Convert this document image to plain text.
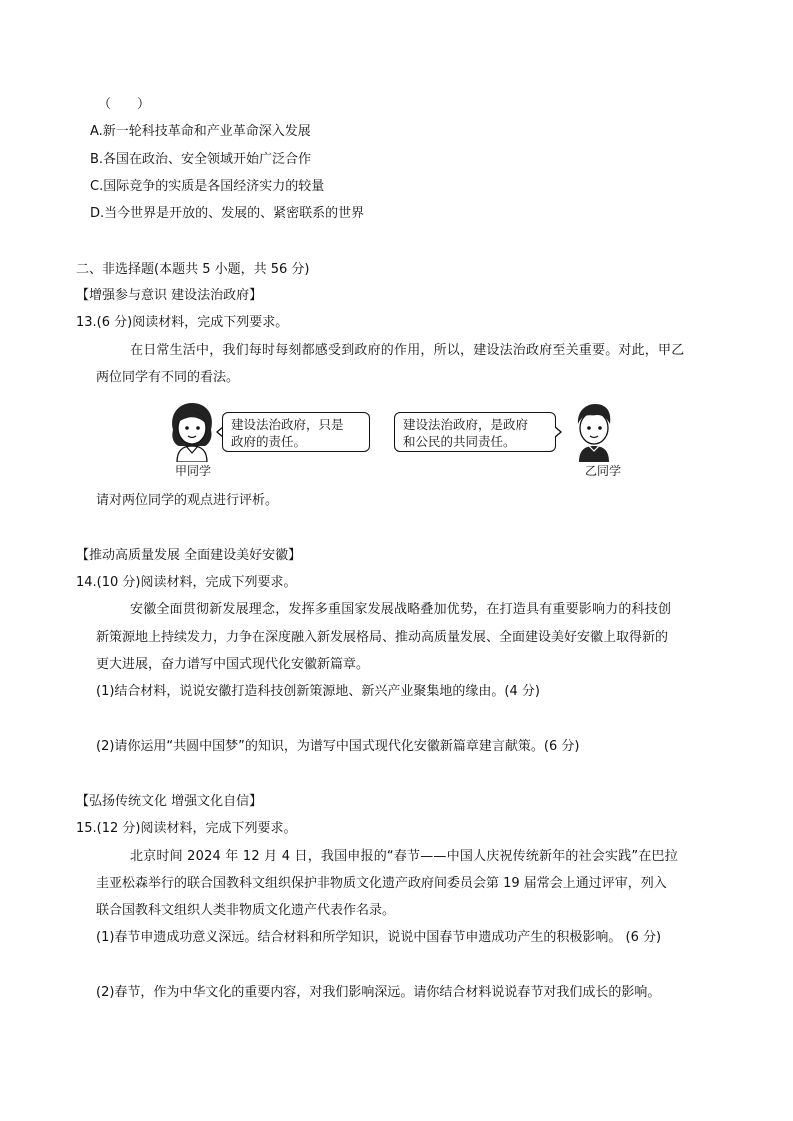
（　　）
A.新一轮科技革命和产业革命深入发展
B.各国在政治、安全领域开始广泛合作
C.国际竞争的实质是各国经济实力的较量
D.当今世界是开放的、发展的、紧密联系的世界
二、非选择题(本题共 5 小题，共 56 分)
【增强参与意识 建设法治政府】
13.(6 分)阅读材料，完成下列要求。
在日常生活中，我们每时每刻都感受到政府的作用，所以，建设法治政府至关重要。对此，甲乙
两位同学有不同的看法。
建设法治政府，只是
政府的责任。
建设法治政府，是政府
和公民的共同责任。
甲同学	乙同学
请对两位同学的观点进行评析。
【推动高质量发展 全面建设美好安徽】
14.(10 分)阅读材料，完成下列要求。
安徽全面贯彻新发展理念，发挥多重国家发展战略叠加优势，在打造具有重要影响力的科技创
新策源地上持续发力，力争在深度融入新发展格局、推动高质量发展、全面建设美好安徽上取得新的
更大进展，奋力谱写中国式现代化安徽新篇章。
(1)结合材料，说说安徽打造科技创新策源地、新兴产业聚集地的缘由。(4 分)
(2)请你运用“共圆中国梦”的知识，为谱写中国式现代化安徽新篇章建言献策。(6 分)
【弘扬传统文化 增强文化自信】
15.(12 分)阅读材料，完成下列要求。
北京时间 2024 年 12 月 4 日，我国申报的“春节——中国人庆祝传统新年的社会实践”在巴拉
圭亚松森举行的联合国教科文组织保护非物质文化遗产政府间委员会第 19 届常会上通过评审，列入
联合国教科文组织人类非物质文化遗产代表作名录。
(1)春节申遗成功意义深远。结合材料和所学知识，说说中国春节申遗成功产生的积极影响。 (6 分)
(2)春节，作为中华文化的重要内容，对我们影响深远。请你结合材料说说春节对我们成长的影响。
